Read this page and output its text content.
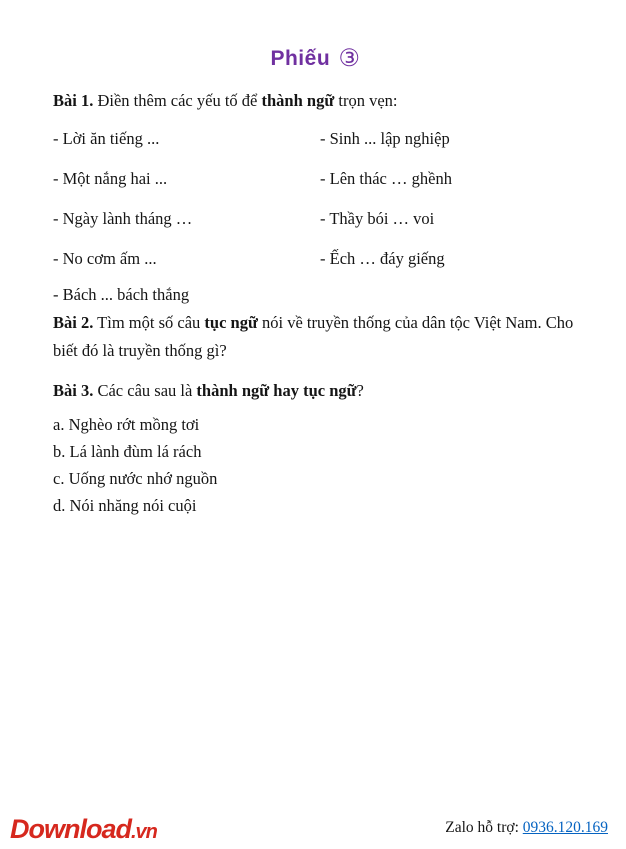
Phiếu ③

Bài 1. Điền thêm các yếu tố để thành ngữ trọn vẹn:

- Lời ăn tiếng ...	- Sinh ... lập nghiệp
- Một nắng hai ...	- Lên thác … ghềnh
- Ngày lành tháng …	- Thầy bói … voi
- No cơm ấm ...	- Ếch … đáy giếng

- Bách ... bách thắng

Bài 2. Tìm một số câu tục ngữ nói về truyền thống của dân tộc Việt Nam. Cho biết đó là truyền thống gì?

Bài 3. Các câu sau là thành ngữ hay tục ngữ?

a. Nghèo rớt mồng tơi

b. Lá lành đùm lá rách

c. Uống nước nhớ nguồn

d. Nói nhăng nói cuội

Download.vn	Zalo hỗ trợ: 0936.120.169
